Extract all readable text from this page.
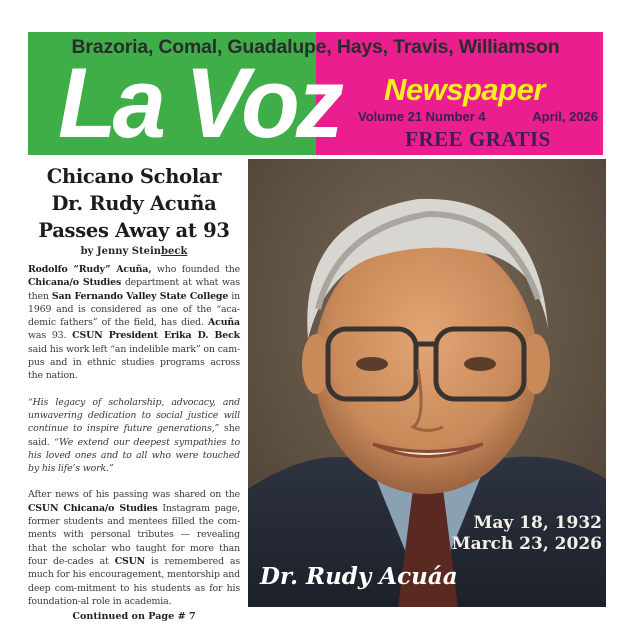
Brazoria, Comal, Guadalupe, Hays, Travis, Williamson
La Voz Newspaper
Volume 21 Number 4	April, 2026
FREE GRATIS
Chicano Scholar
Dr. Rudy Acuña
Passes Away at 93
by Jenny Steinbeck

Rodolfo “Rudy” Acuña, who founded the Chicana/o Studies department at what was then San Fernando Valley State College in 1969 and is considered as one of the “aca-demic fathers” of the field, has died. Acuña was 93. CSUN President Erika D. Beck said his work left “an indelible mark” on cam-pus and in ethnic studies programs across the nation.

“His legacy of scholarship, advocacy, and unwavering dedication to social justice will continue to inspire future generations,” she said. “We extend our deepest sympathies to his loved ones and to all who were touched by his life’s work.”

After news of his passing was shared on the CSUN Chicana/o Studies Instagram page, former students and mentees filled the com-ments with personal tributes — revealing that the scholar who taught for more than four de-cades at CSUN is remembered as much for his encouragement, mentorship and deep com-mitment to his students as for his foundation-al role in academia.

Continued on Page # 7
May 18, 1932
March 23, 2026
Dr. Rudy Acuáa
